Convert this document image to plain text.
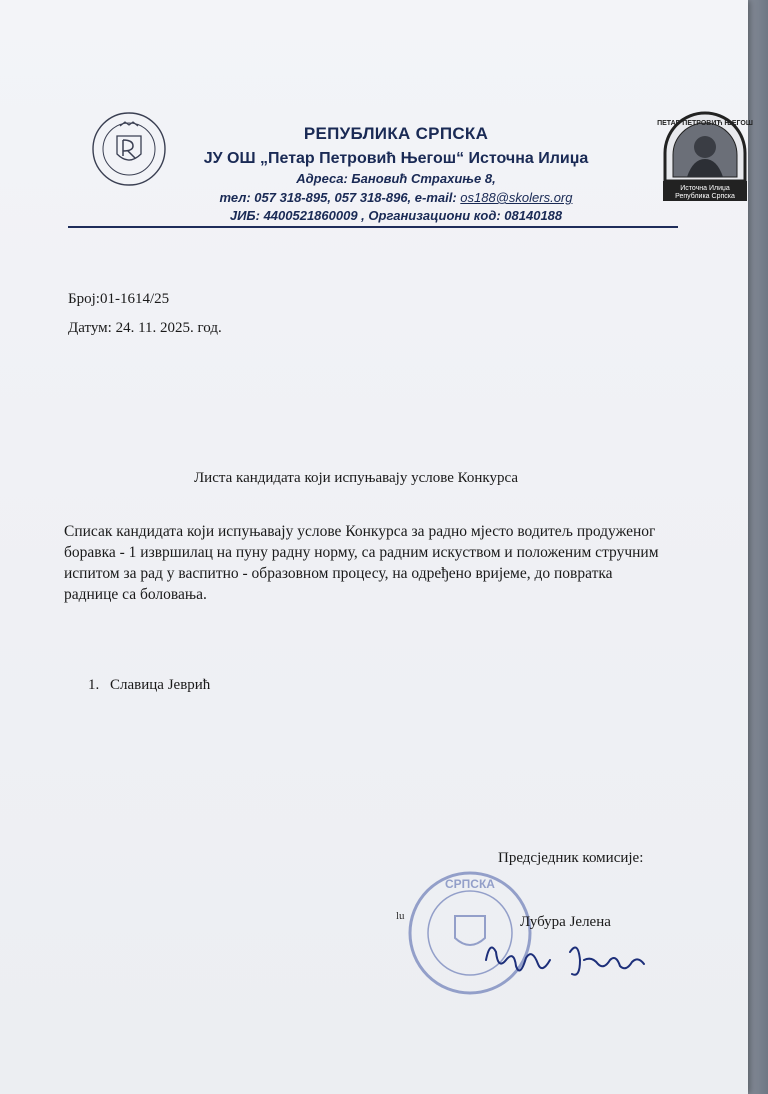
Источна Илиџа
Република Српска
ПЕТАР ПЕТРОВИЋ ЊЕГОШ
РЕПУБЛИКА СРПСКА
ЈУ ОШ „Петар Петровић Његош“ Источна Илиџа
Адреса: Бановић Страхиње 8,
тел: 057 318-895, 057 318-896, e-mail: os188@skolers.org
ЈИБ: 4400521860009 , Организациони код: 08140188
Број:01-1614/25
Датум: 24. 11. 2025. год.
Листа кандидата који испуњавају услове Конкурса
Списак кандидата који испуњавају услове Конкурса за радно мјесто водитељ продуженог боравка - 1 извршилац на пуну радну норму, са радним искуством и положеним стручним испитом за рад у васпитно - образовном процесу, на одређено вријеме, до повратка раднице са боловања.
1. Славица Јеврић
Предсједник комисије:
СРПСКА
Лубура Јелена
lu
